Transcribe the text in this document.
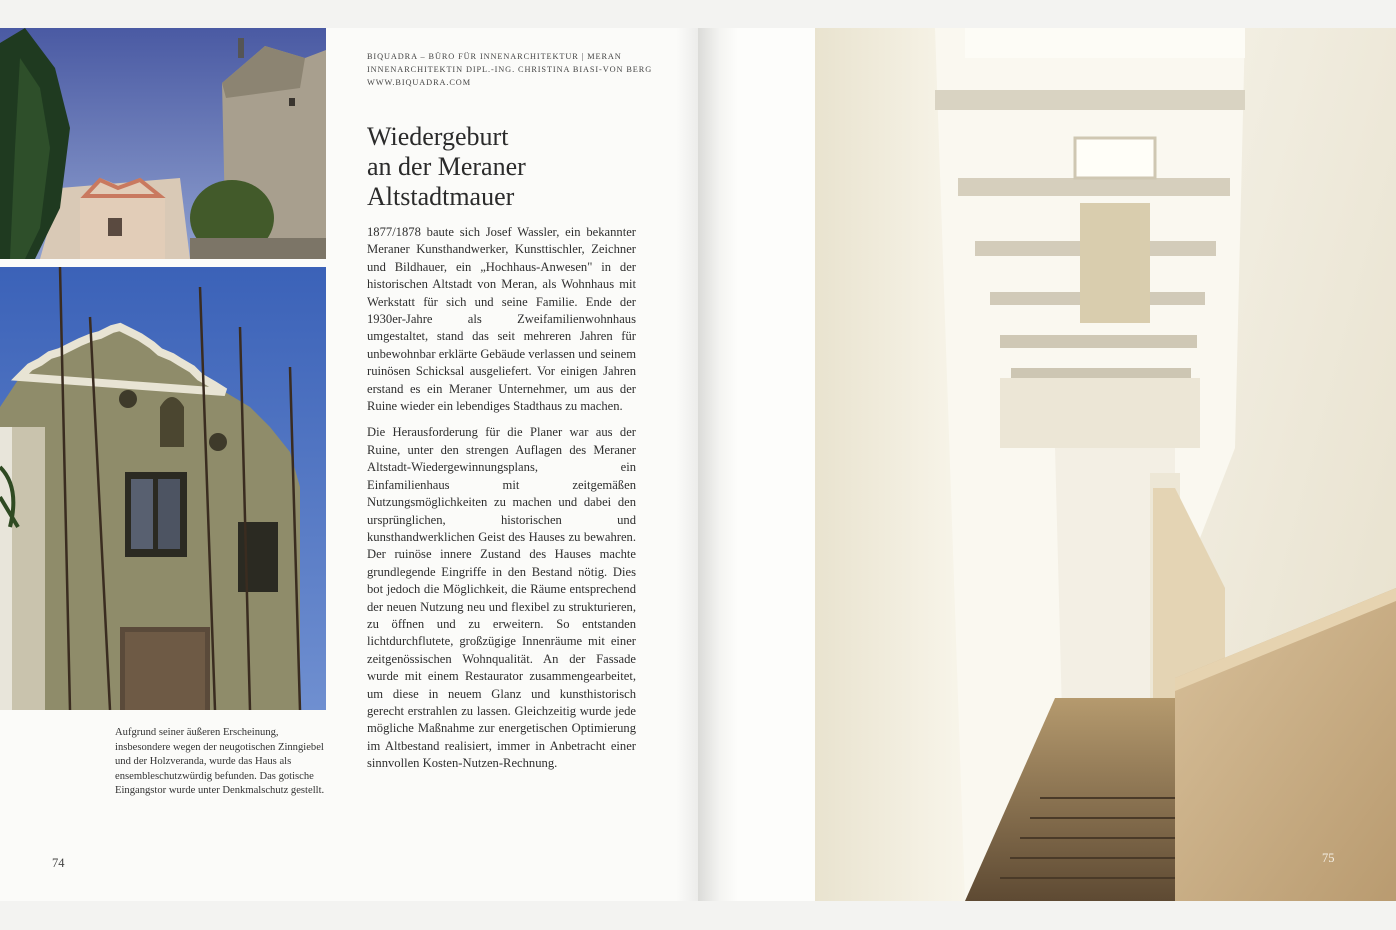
BIQUADRA – BÜRO FÜR INNENARCHITEKTUR | MERAN
INNENARCHITEKTIN DIPL.-ING. CHRISTINA BIASI-VON BERG
WWW.BIQUADRA.COM
Wiedergeburt
an der Meraner
Altstadtmauer

1877/1878 baute sich Josef Wassler, ein bekannter Meraner Kunsthandwerker, Kunsttischler, Zeichner und Bildhauer, ein „Hochhaus-Anwesen" in der historischen Altstadt von Meran, als Wohnhaus mit Werkstatt für sich und seine Familie. Ende der 1930er-Jahre als Zweifamilienwohnhaus umgestaltet, stand das seit mehreren Jahren für unbewohnbar erklärte Gebäude verlassen und seinem ruinösen Schicksal ausgeliefert. Vor einigen Jahren erstand es ein Meraner Unternehmer, um aus der Ruine wieder ein lebendiges Stadthaus zu machen.

Die Herausforderung für die Planer war aus der Ruine, unter den strengen Auflagen des Meraner Altstadt-Wiedergewinnungsplans, ein Einfamilienhaus mit zeitgemäßen Nutzungsmöglichkeiten zu machen und dabei den ursprünglichen, historischen und kunsthandwerklichen Geist des Hauses zu bewahren. Der ruinöse innere Zustand des Hauses machte grundlegende Eingriffe in den Bestand nötig. Dies bot jedoch die Möglichkeit, die Räume entsprechend der neuen Nutzung neu und flexibel zu strukturieren, zu öffnen und zu erweitern. So entstanden lichtdurchflutete, großzügige Innenräume mit einer zeitgenössischen Wohnqualität. An der Fassade wurde mit einem Restaurator zusammengearbeitet, um diese in neuem Glanz und kunsthistorisch gerecht erstrahlen zu lassen. Gleichzeitig wurde jede mögliche Maßnahme zur energetischen Optimierung im Altbestand realisiert, immer in Anbetracht einer sinnvollen Kosten-Nutzen-Rechnung.

Aufgrund seiner äußeren Erscheinung, insbesondere wegen der neugotischen Zinngiebel und der Holzveranda, wurde das Haus als ensembleschutzwürdig befunden. Das gotische Eingangstor wurde unter Denkmalschutz gestellt.
74	75
